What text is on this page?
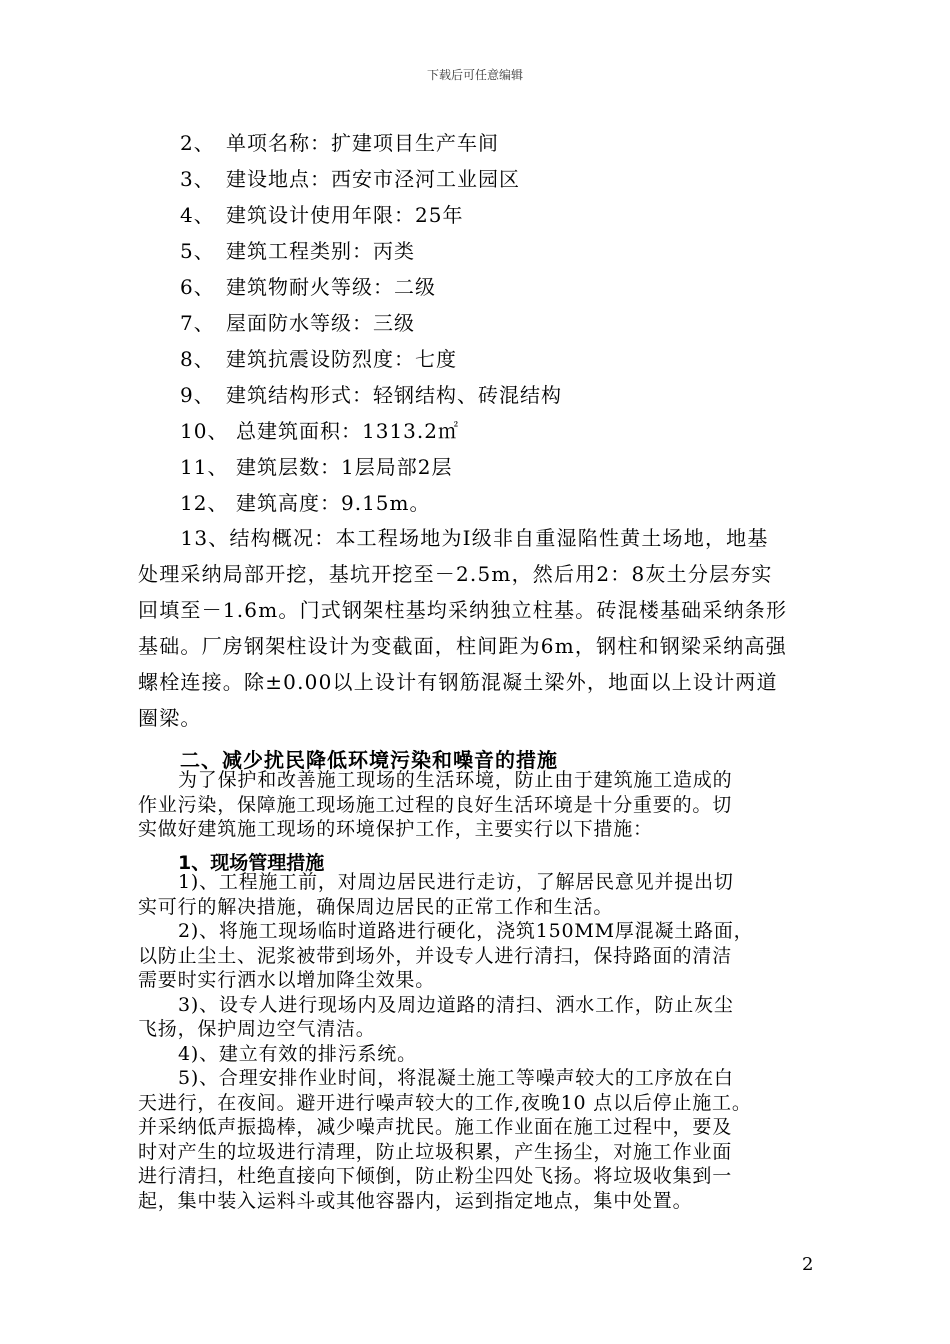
下载后可任意编辑
2、 单项名称：扩建项目生产车间
3、 建设地点：西安市泾河工业园区
4、 建筑设计使用年限：25年
5、 建筑工程类别：丙类
6、 建筑物耐火等级：二级
7、 屋面防水等级：三级
8、 建筑抗震设防烈度：七度
9、 建筑结构形式：轻钢结构、砖混结构
10、 总建筑面积：1313.2㎡
11、 建筑层数：1层局部2层
12、 建筑高度：9.15m。
　　13、结构概况：本工程场地为Ⅰ级非自重湿陷性黄土场地，地基
处理采纳局部开挖，基坑开挖至－2.5m，然后用2：8灰土分层夯实
回填至－1.6m。门式钢架柱基均采纳独立柱基。砖混楼基础采纳条形
基础。厂房钢架柱设计为变截面，柱间距为6m，钢柱和钢梁采纳高强
螺栓连接。除±0.00以上设计有钢筋混凝土梁外，地面以上设计两道
圈梁。
二、减少扰民降低环境污染和噪音的措施
为了保护和改善施工现场的生活环境，防止由于建筑施工造成的
作业污染，保障施工现场施工过程的良好生活环境是十分重要的。切
实做好建筑施工现场的环境保护工作，主要实行以下措施：
1、现场管理措施
1)、工程施工前，对周边居民进行走访，了解居民意见并提出切
实可行的解决措施，确保周边居民的正常工作和生活。
2)、将施工现场临时道路进行硬化，浇筑150MM厚混凝土路面，
以防止尘土、泥浆被带到场外，并设专人进行清扫，保持路面的清洁
需要时实行洒水以增加降尘效果。
3)、设专人进行现场内及周边道路的清扫、洒水工作，防止灰尘
飞扬，保护周边空气清洁。
4)、建立有效的排污系统。
5)、合理安排作业时间，将混凝土施工等噪声较大的工序放在白
天进行，在夜间。避开进行噪声较大的工作,夜晚10 点以后停止施工。
并采纳低声振捣棒，减少噪声扰民。施工作业面在施工过程中，要及
时对产生的垃圾进行清理，防止垃圾积累，产生扬尘，对施工作业面
进行清扫，杜绝直接向下倾倒，防止粉尘四处飞扬。将垃圾收集到一
起，集中装入运料斗或其他容器内，运到指定地点，集中处置。
2
